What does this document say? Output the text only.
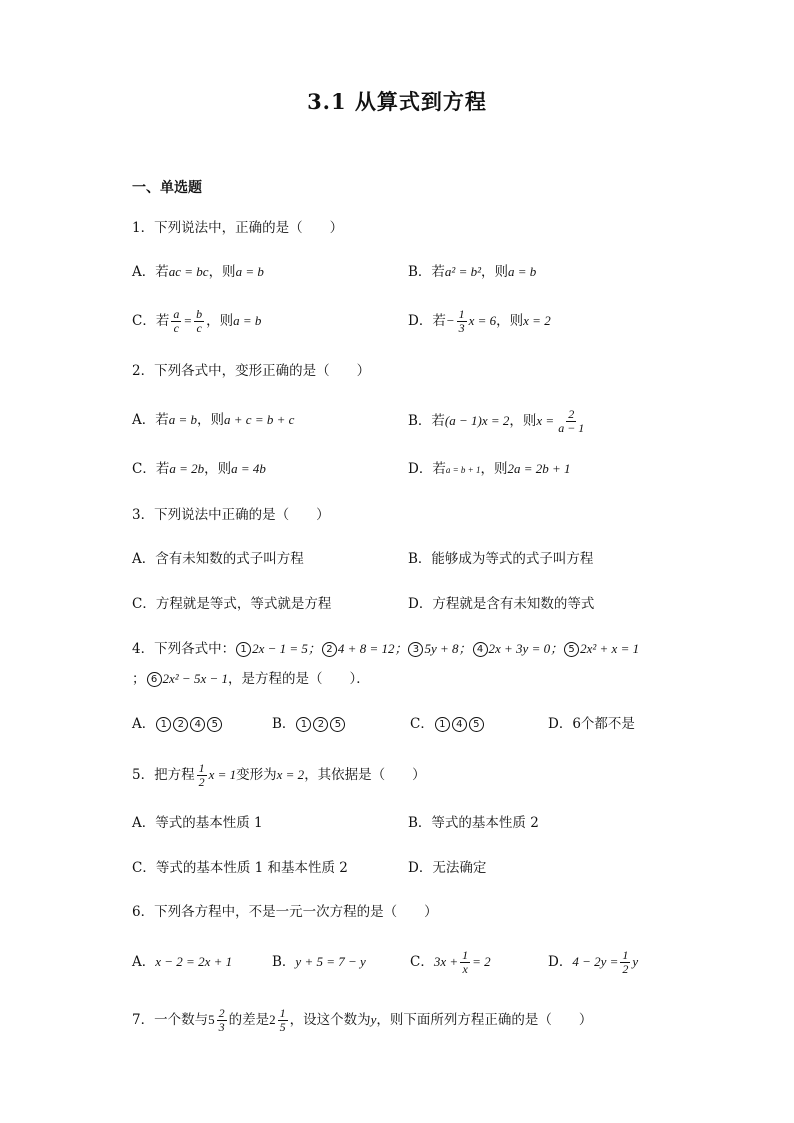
3.1 从算式到方程
一、单选题
1．下列说法中，正确的是（　　）
A．若ac = bc，则a = b	B．若a² = b²，则a = b
C．若 $\frac{a}{c} = \frac{b}{c}$ ，则a = b	D．若− $\frac{1}{3}$ x = 6，则x = 2
2．下列各式中，变形正确的是（　　）
A．若a = b，则a + c = b + c	B．若(a − 1)x = 2，则$x = \frac{2}{a - 1}$
C．若a = 2b，则a = 4b	D．若a = b + 1，则2a = 2b + 1
3．下列说法中正确的是（　　）
A．含有未知数的式子叫方程	B．能够成为等式的式子叫方程
C．方程就是等式，等式就是方程	D．方程就是含有未知数的等式
4．下列各式中： 1 2x − 1 = 5； 2 4 + 8 = 12； 3 5y + 8； 4 2x + 3y = 0； 5 2x² + x = 1
； 6 2x² − 5x − 1，是方程的是（　　）．
A． 1 2 4 5	B． 1 2 5	C． 1 4 5	D．6个都不是
5．把方程 $\frac{1}{2}$ x = 1变形为x = 2，其依据是（　　）
A．等式的基本性质 1	B．等式的基本性质 2
C．等式的基本性质 1 和基本性质 2	D．无法确定
6．下列各方程中，不是一元一次方程的是（　　）
A．x − 2 = 2x + 1	B．y + 5 = 7 − y	C．$3x + \frac{1}{x} = 2$	D．$4 - 2y = \frac{1}{2}$ y
7．一个数与$5 \frac{2}{3}$ 的差是$2 \frac{1}{5}$ ，设这个数为y，则下面所列方程正确的是（　　）
